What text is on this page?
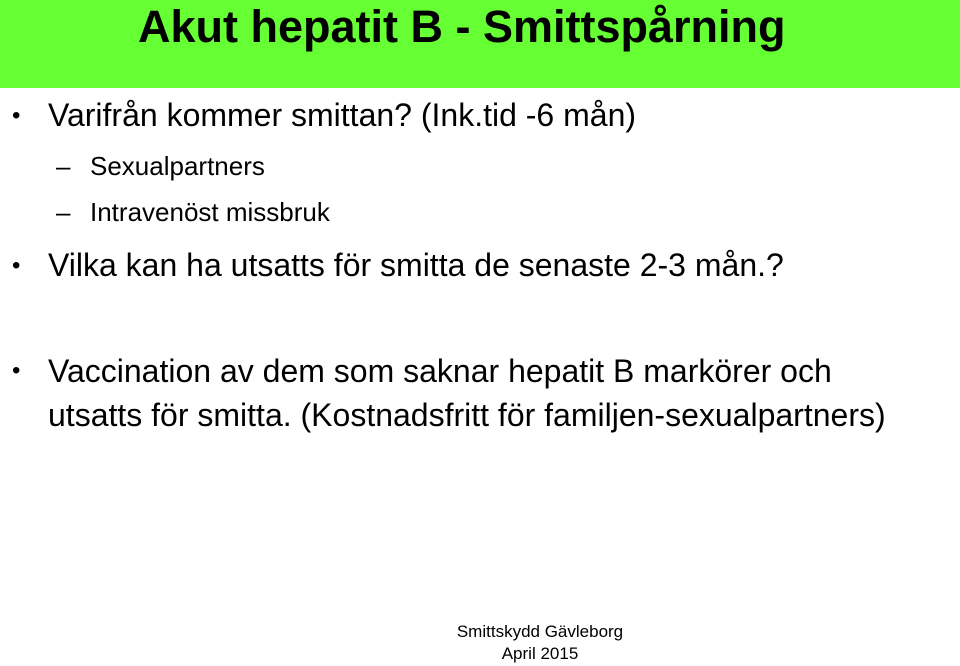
Akut hepatit B - Smittspårning
• Varifrån kommer smittan? (Ink.tid -6 mån)
– Sexualpartners
– Intravenöst missbruk
• Vilka kan ha utsatts för smitta de senaste 2-3 mån.?
• Vaccination av dem som saknar hepatit B markörer och utsatts för smitta. (Kostnadsfritt för familjen-sexualpartners)
Smittskydd Gävleborg
April 2015
